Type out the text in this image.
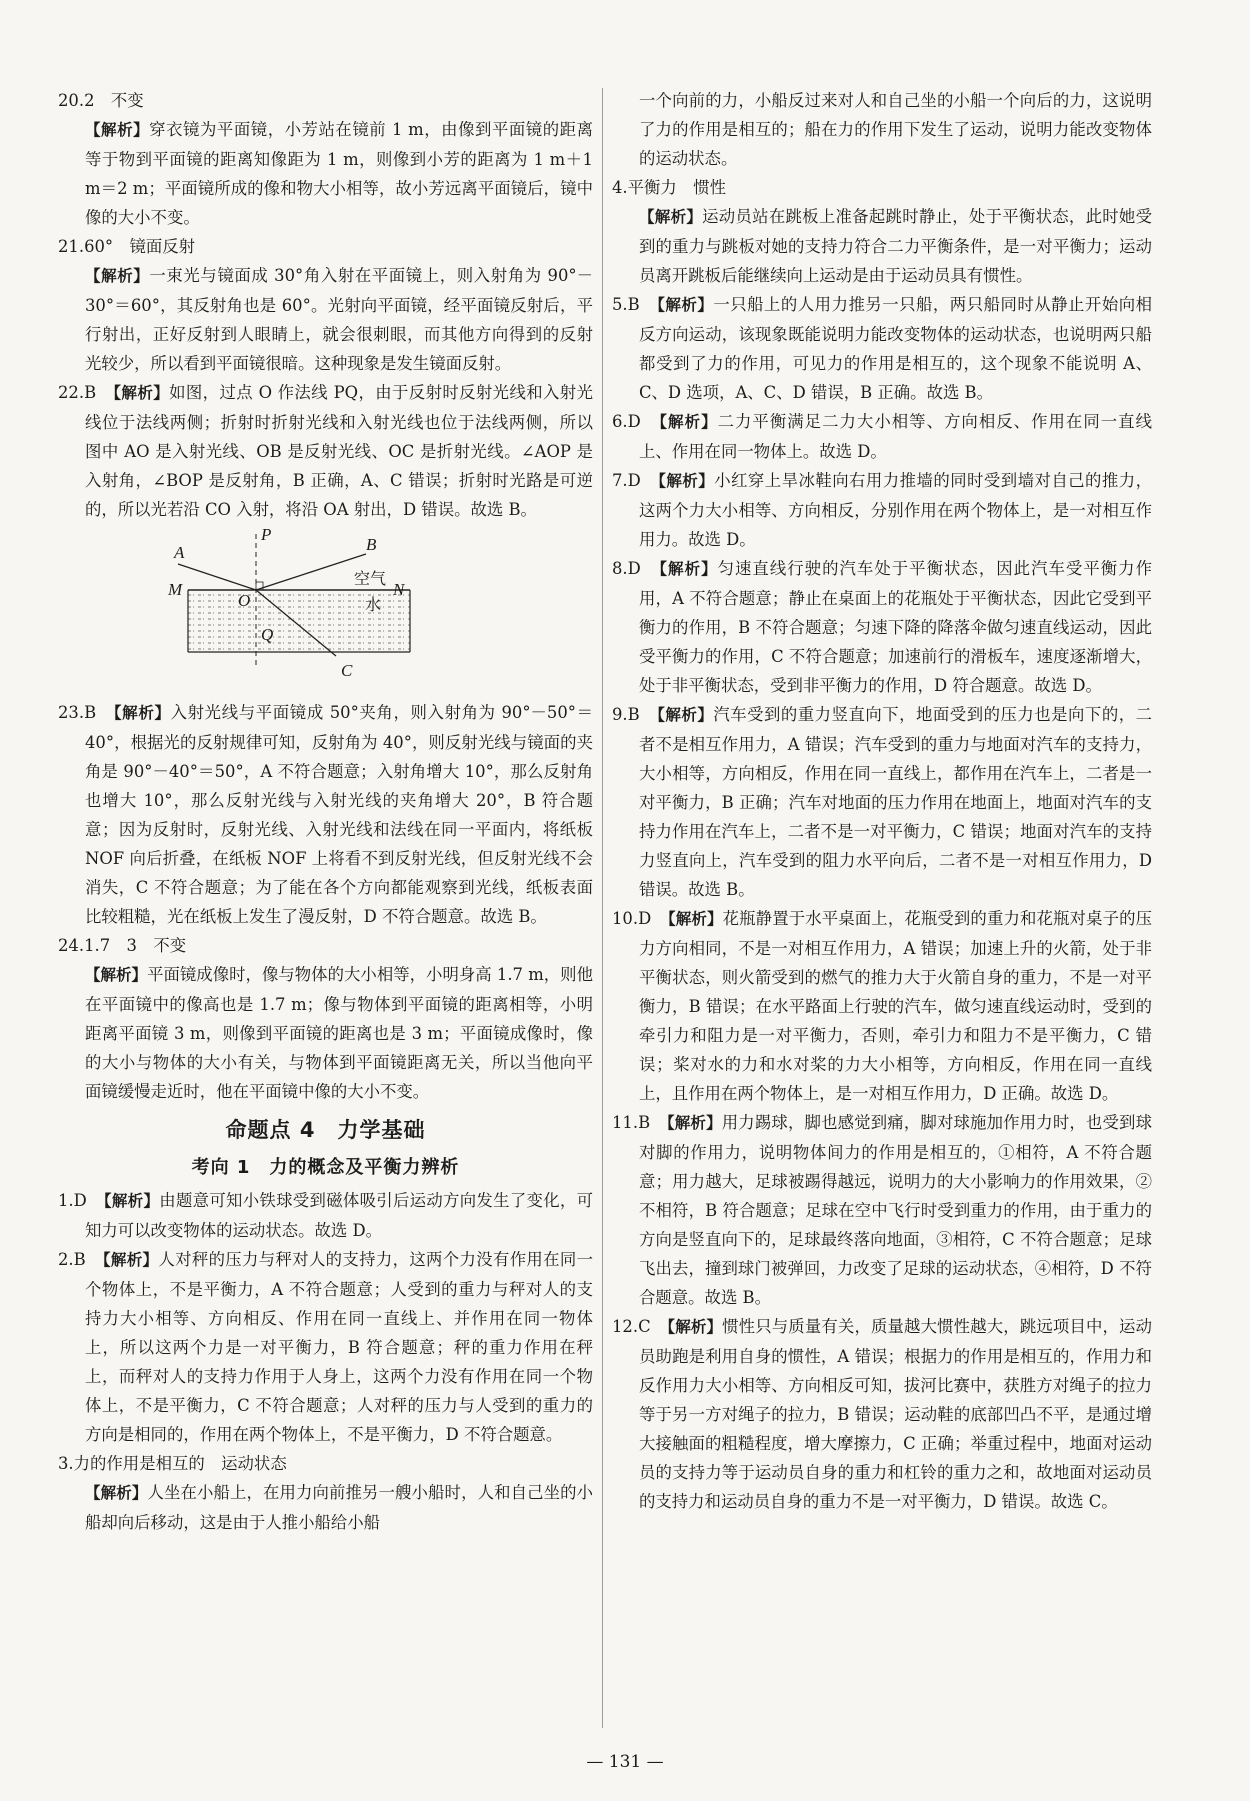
20.2　不变

【解析】穿衣镜为平面镜，小芳站在镜前 1 m，由像到平面镜的距离等于物到平面镜的距离知像距为 1 m，则像到小芳的距离为 1 m＋1 m＝2 m；平面镜所成的像和物大小相等，故小芳远离平面镜后，镜中像的大小不变。

21.60°　镜面反射

【解析】一束光与镜面成 30°角入射在平面镜上，则入射角为 90°－30°＝60°，其反射角也是 60°。光射向平面镜，经平面镜反射后，平行射出，正好反射到人眼睛上，就会很刺眼，而其他方向得到的反射光较少，所以看到平面镜很暗。这种现象是发生镜面反射。

22.B　 【解析】如图，过点 O 作法线 PQ，由于反射时反射光线和入射光线位于法线两侧；折射时折射光线和入射光线也位于法线两侧，所以图中 AO 是入射光线、OB 是反射光线、OC 是折射光线。∠AOP 是入射角，∠BOP 是反射角，B 正确，A、C 错误；折射时光路是可逆的，所以光若沿 CO 入射，将沿 OA 射出，D 错误。故选 B。
P
A	B
M	N
O
Q
C
空气
水
23.B　 【解析】入射光线与平面镜成 50°夹角，则入射角为 90°－50°＝40°，根据光的反射规律可知，反射角为 40°，则反射光线与镜面的夹角是 90°－40°＝50°，A 不符合题意；入射角增大 10°，那么反射角也增大 10°，那么反射光线与入射光线的夹角增大 20°，B 符合题意；因为反射时，反射光线、入射光线和法线在同一平面内，将纸板 NOF 向后折叠，在纸板 NOF 上将看不到反射光线，但反射光线不会消失，C 不符合题意；为了能在各个方向都能观察到光线，纸板表面比较粗糙，光在纸板上发生了漫反射，D 不符合题意。故选 B。

24.1.7　3　不变

【解析】平面镜成像时，像与物体的大小相等，小明身高 1.7 m，则他在平面镜中的像高也是 1.7 m；像与物体到平面镜的距离相等，小明距离平面镜 3 m，则像到平面镜的距离也是 3 m；平面镜成像时，像的大小与物体的大小有关，与物体到平面镜距离无关，所以当他向平面镜缓慢走近时，他在平面镜中像的大小不变。

命题点 4　力学基础
考向 1　力的概念及平衡力辨析
1.D　 【解析】由题意可知小铁球受到磁体吸引后运动方向发生了变化，可知力可以改变物体的运动状态。故选 D。
2.B　 【解析】人对秤的压力与秤对人的支持力，这两个力没有作用在同一个物体上，不是平衡力，A 不符合题意；人受到的重力与秤对人的支持力大小相等、方向相反、作用在同一直线上、并作用在同一物体上，所以这两个力是一对平衡力，B 符合题意；秤的重力作用在秤上，而秤对人的支持力作用于人身上，这两个力没有作用在同一个物体上，不是平衡力，C 不符合题意；人对秤的压力与人受到的重力的方向是相同的，作用在两个物体上，不是平衡力，D 不符合题意。

3.力的作用是相互的　运动状态

【解析】人坐在小船上，在用力向前推另一艘小船时，人和自己坐的小船却向后移动，这是由于人推小船给小船

一个向前的力，小船反过来对人和自己坐的小船一个向后的力，这说明了力的作用是相互的；船在力的作用下发生了运动，说明力能改变物体的运动状态。

4.平衡力　惯性

【解析】运动员站在跳板上准备起跳时静止，处于平衡状态，此时她受到的重力与跳板对她的支持力符合二力平衡条件，是一对平衡力；运动员离开跳板后能继续向上运动是由于运动员具有惯性。

5.B　 【解析】一只船上的人用力推另一只船，两只船同时从静止开始向相反方向运动，该现象既能说明力能改变物体的运动状态，也说明两只船都受到了力的作用，可见力的作用是相互的，这个现象不能说明 A、C、D 选项，A、C、D 错误，B 正确。故选 B。
6.D　 【解析】二力平衡满足二力大小相等、方向相反、作用在同一直线上、作用在同一物体上。故选 D。
7.D　 【解析】小红穿上旱冰鞋向右用力推墙的同时受到墙对自己的推力，这两个力大小相等、方向相反，分别作用在两个物体上，是一对相互作用力。故选 D。
8.D　 【解析】匀速直线行驶的汽车处于平衡状态，因此汽车受平衡力作用，A 不符合题意；静止在桌面上的花瓶处于平衡状态，因此它受到平衡力的作用，B 不符合题意；匀速下降的降落伞做匀速直线运动，因此受平衡力的作用，C 不符合题意；加速前行的滑板车，速度逐渐增大，处于非平衡状态，受到非平衡力的作用，D 符合题意。故选 D。
9.B　 【解析】汽车受到的重力竖直向下，地面受到的压力也是向下的，二者不是相互作用力，A 错误；汽车受到的重力与地面对汽车的支持力，大小相等，方向相反，作用在同一直线上，都作用在汽车上，二者是一对平衡力，B 正确；汽车对地面的压力作用在地面上，地面对汽车的支持力作用在汽车上，二者不是一对平衡力，C 错误；地面对汽车的支持力竖直向上，汽车受到的阻力水平向后，二者不是一对相互作用力，D 错误。故选 B。
10.D　 【解析】花瓶静置于水平桌面上，花瓶受到的重力和花瓶对桌子的压力方向相同，不是一对相互作用力，A 错误；加速上升的火箭，处于非平衡状态，则火箭受到的燃气的推力大于火箭自身的重力，不是一对平衡力，B 错误；在水平路面上行驶的汽车，做匀速直线运动时，受到的牵引力和阻力是一对平衡力，否则，牵引力和阻力不是平衡力，C 错误；桨对水的力和水对桨的力大小相等，方向相反，作用在同一直线上，且作用在两个物体上，是一对相互作用力，D 正确。故选 D。
11.B　 【解析】用力踢球，脚也感觉到痛，脚对球施加作用力时，也受到球对脚的作用力，说明物体间力的作用是相互的，①相符，A 不符合题意；用力越大，足球被踢得越远，说明力的大小影响力的作用效果，②不相符，B 符合题意；足球在空中飞行时受到重力的作用，由于重力的方向是竖直向下的，足球最终落向地面，③相符，C 不符合题意；足球飞出去，撞到球门被弹回，力改变了足球的运动状态，④相符，D 不符合题意。故选 B。
12.C　 【解析】惯性只与质量有关，质量越大惯性越大，跳远项目中，运动员助跑是利用自身的惯性，A 错误；根据力的作用是相互的，作用力和反作用力大小相等、方向相反可知，拔河比赛中，获胜方对绳子的拉力等于另一方对绳子的拉力，B 错误；运动鞋的底部凹凸不平，是通过增大接触面的粗糙程度，增大摩擦力，C 正确；举重过程中，地面对运动员的支持力等于运动员自身的重力和杠铃的重力之和，故地面对运动员的支持力和运动员自身的重力不是一对平衡力，D 错误。故选 C。
— 131 —
